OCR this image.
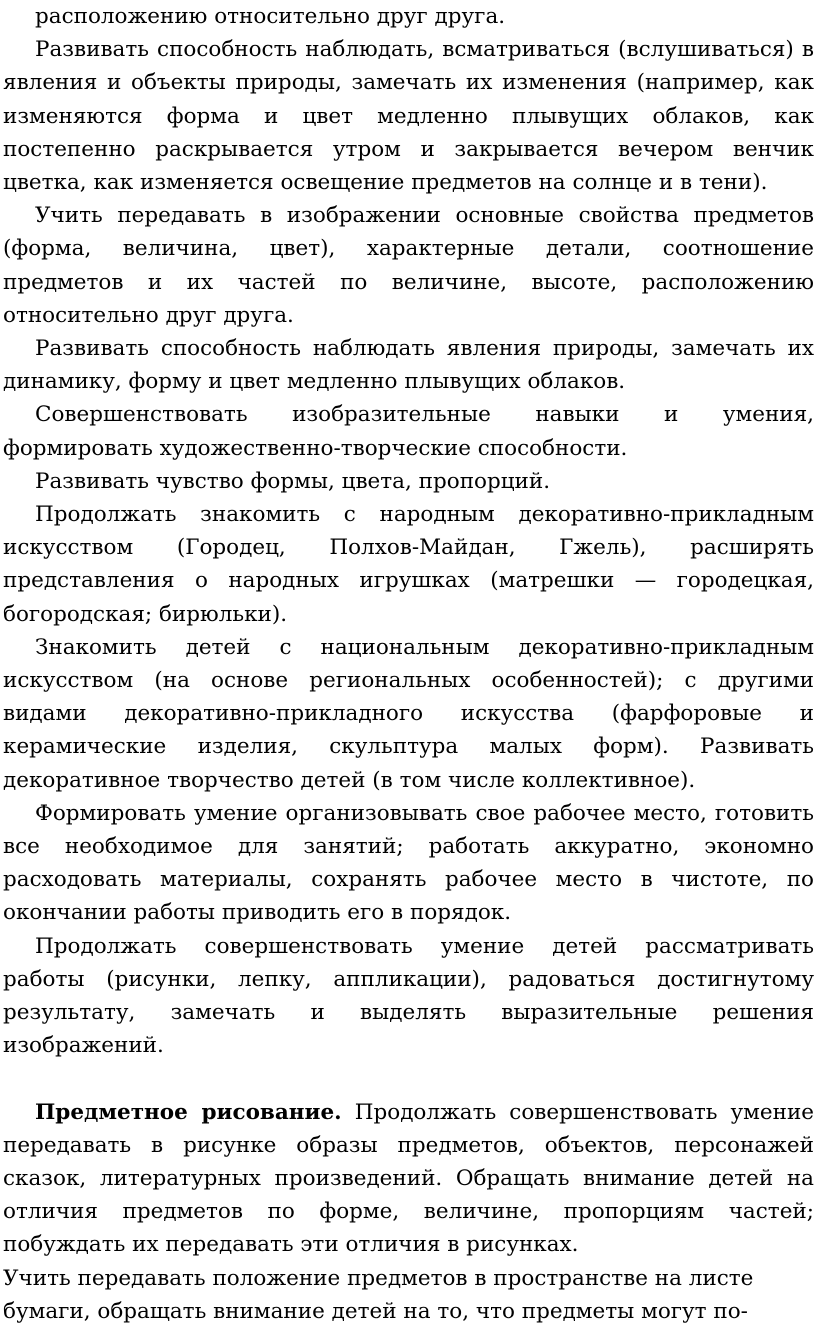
расположению относительно друг друга.

Развивать способность наблюдать, всматриваться (вслушиваться) в явления и объекты природы, замечать их изменения (например, как изменяются форма и цвет медленно плывущих облаков, как постепенно раскрывается утром и закрывается вечером венчик цветка, как изменяется освещение предметов на солнце и в тени).

Учить передавать в изображении основные свойства предметов (форма, величина, цвет), характерные детали, соотношение предметов и их частей по величине, высоте, расположению относительно друг друга.

Развивать способность наблюдать явления природы, замечать их динамику, форму и цвет медленно плывущих облаков.

Совершенствовать изобразительные навыки и умения, формировать художественно-творческие способности.

Развивать чувство формы, цвета, пропорций.

Продолжать знакомить с народным декоративно-прикладным искусством (Городец, Полхов-Майдан, Гжель), расширять представления о народных игрушках (матрешки — городецкая, богородская; бирюльки).

Знакомить детей с национальным декоративно-прикладным искусством (на основе региональных особенностей); с другими видами декоративно-прикладного искусства (фарфоровые и керамические изделия, скульптура малых форм). Развивать декоративное творчество детей (в том числе коллективное).

Формировать умение организовывать свое рабочее место, готовить все необходимое для занятий; работать аккуратно, экономно расходовать материалы, сохранять рабочее место в чистоте, по окончании работы приводить его в порядок.

Продолжать совершенствовать умение детей рассматривать работы (рисунки, лепку, аппликации), радоваться достигнутому результату, замечать и выделять выразительные решения изображений.

Предметное рисование. Продолжать совершенствовать умение передавать в рисунке образы предметов, объектов, персонажей сказок, литературных произведений. Обращать внимание детей на отличия предметов по форме, величине, пропорциям частей; побуждать их передавать эти отличия в рисунках.

Учить передавать положение предметов в пространстве на листе

бумаги, обращать внимание детей на то, что предметы могут по-
